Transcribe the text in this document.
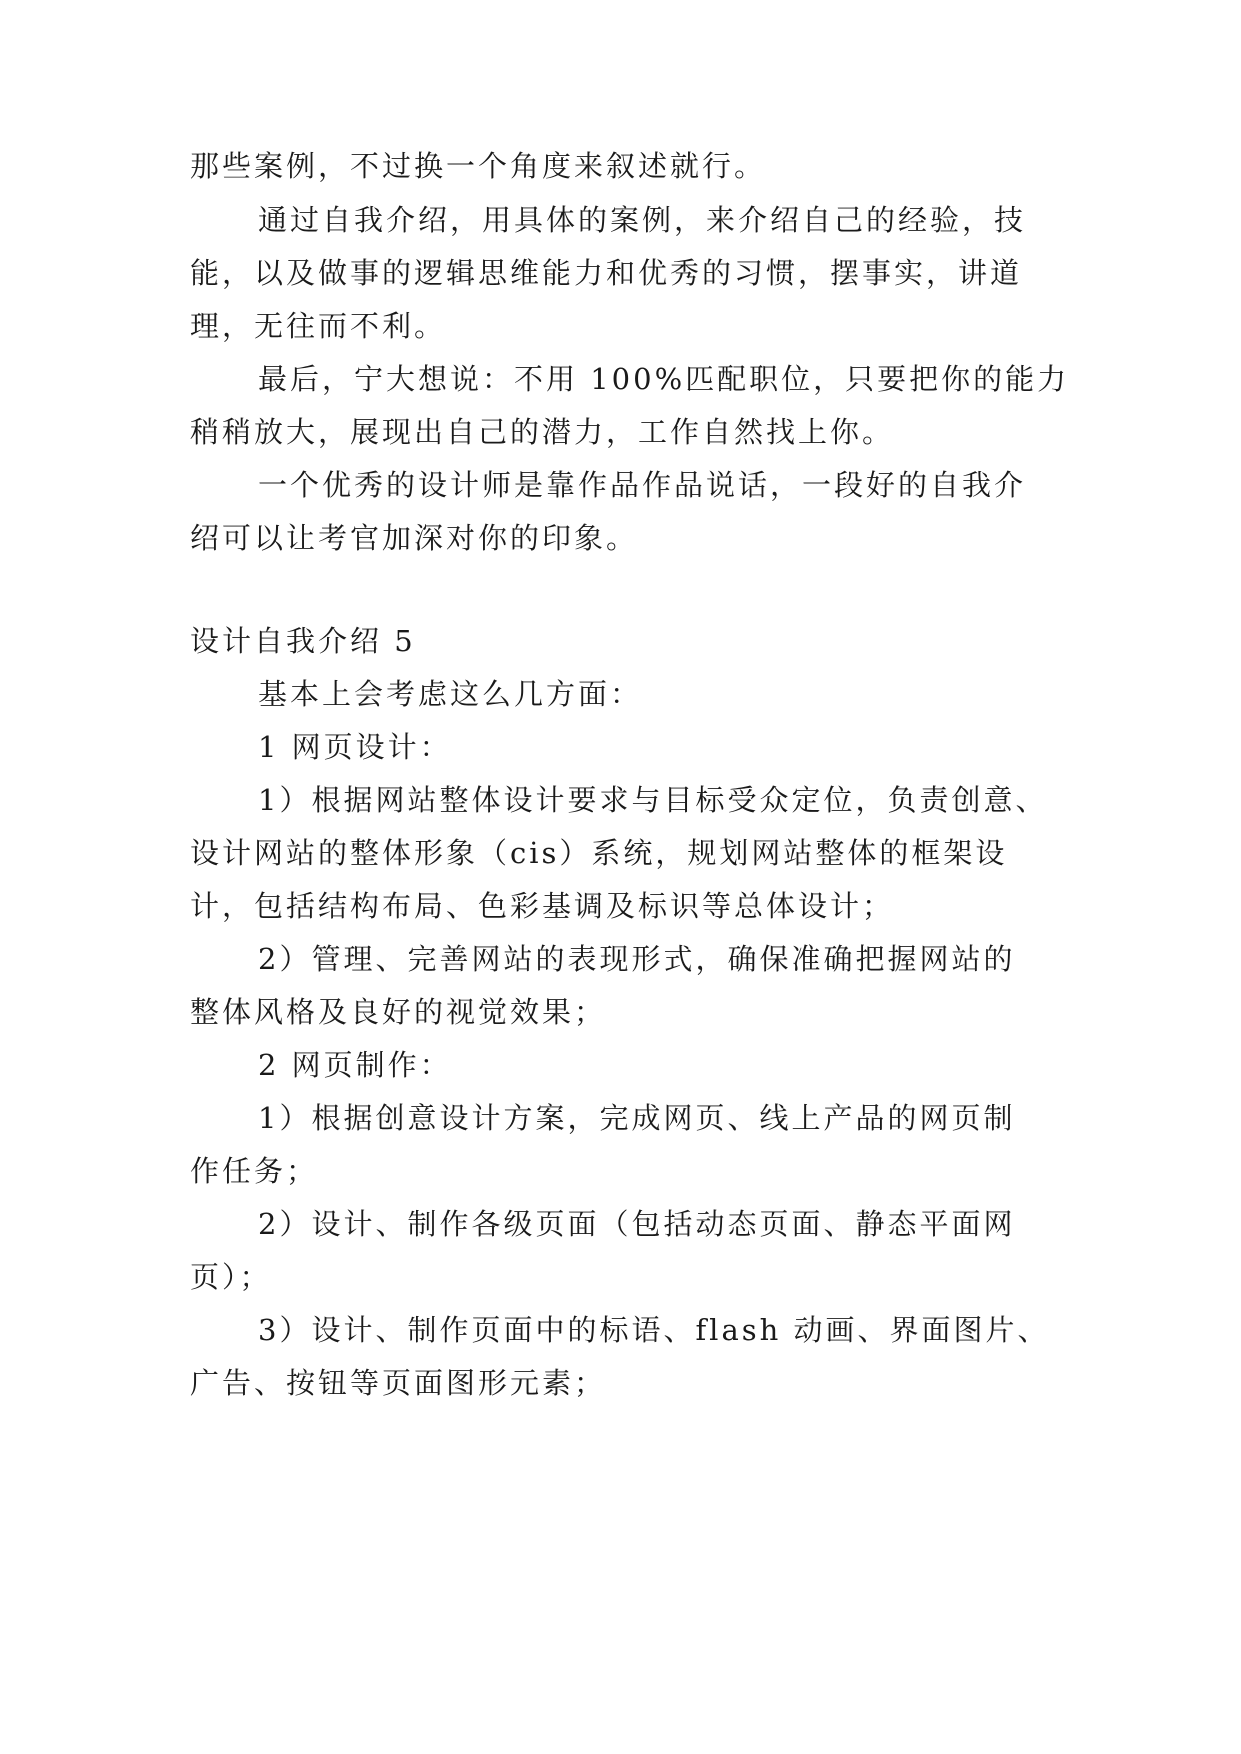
那些案例，不过换一个角度来叙述就行。
通过自我介绍，用具体的案例，来介绍自己的经验，技
能，以及做事的逻辑思维能力和优秀的习惯，摆事实，讲道
理，无往而不利。
最后，宁大想说：不用 100%匹配职位，只要把你的能力
稍稍放大，展现出自己的潜力，工作自然找上你。
一个优秀的设计师是靠作品作品说话，一段好的自我介
绍可以让考官加深对你的印象。
设计自我介绍 5
基本上会考虑这么几方面：
1 网页设计：
1）根据网站整体设计要求与目标受众定位，负责创意、
设计网站的整体形象（cis）系统，规划网站整体的框架设
计，包括结构布局、色彩基调及标识等总体设计；
2）管理、完善网站的表现形式，确保准确把握网站的
整体风格及良好的视觉效果；
2 网页制作：
1）根据创意设计方案，完成网页、线上产品的网页制
作任务；
2）设计、制作各级页面（包括动态页面、静态平面网
页）；
3）设计、制作页面中的标语、flash 动画、界面图片、
广告、按钮等页面图形元素；
